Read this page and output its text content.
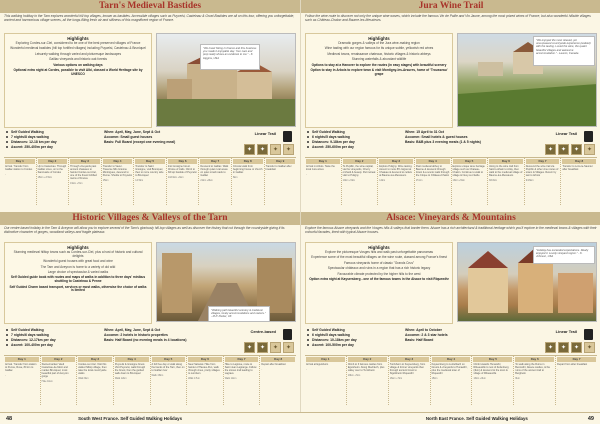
Tarn's Medieval Bastides
This walking holiday in the Tarn explores wonderful hill top villages, known as bastides. Accessible villages such as Puycelsi, Castelnau & Gruel-Bastides are all on this tour, offering you unforgettable, ancient and harmonious village scenes, all the lungs-filling fresh air and stillness of this magnificent region of France.
Highlights

Exploring Cordes-sur-Ciel, considered to be one of the best preserved villages of France

Wonderful medieval bastides (hill top fortified villages) including Puycelsi, Castelnau & Bruniquel

Leisurely walking through varied and picturesque landscapes

Gaillac vineyards and historic oak forests

Various options on walking days

Optional extra night at Cordes, possible to visit Albi, classed a World Heritage site by UNESCO

"We loved hiking in France and this business you made it enjoyable day. Your care and prep really shows an evidence to me." - K. Higgins, USA
Self Guided Walking
7 nights/8 days walking
Distances: 12-18 km per day
Ascent: 250-400m per day
When: April, May, June, Sept & Oct
Accomm: Small guest houses
Basis: Full Board (except one evening meal)
Linear Trail
✦	✦	✦	✦
Day 1
Arrival. Transfer from Gaillac station to Cordes
-
Day 2
Up to Castelnau. Through Gaillac vines, on to the Sanctuaire of Cordes
15km +3.5km
Day 3
Through vineyards past ancient chateaux to hamlet Cordes-sur-Ciel, one of the finest fortified towns of France
19km +7km
Day 4
Transfer to Vaour. Traverse hills Grésine Montrigues, descend to Penne. Shuttle to Puycelsi
15km
Day 5
Transfer to Saint Grésigne, visit Bruniquel, then to more country side to Bruniquel
14.5km
Day 6
Into Grésigne forest. Choice of trails. Climb to hill top bastide of Puycelsi
14/19km +3km
Day 7
Descend to Gaillac. Walk through quiet rural areas on quiet small roads to Gaillac
21km +8km
Day 8
Circular walk from beginning house or church in Gaillac
8km
Day 9
Transfer to Gaillac after breakfast
-
Historic Villages & Valleys of the Tarn
Our centre based holiday in the Tarn & Aveyron will allow you to explore several of the Tarn's gloriously hill-top villages as well as discover the history that cut through the countryside giving it its distinctive character of gorges, woodland valleys and fragile plateaux.
Highlights

Stunning medieval hilltop towns such as Cordes-sur-Ciel, plus a host of historic and cultural delights

Wonderful guest houses with great food and wine

The Tarn and Aveyron is home to a variety of old wild

Large choice of spectacular & varied walks

Self Guided guide book with routes and maps of walks in addition to three days' minibus shuttling to Castelnau & Penne

Self Guided Charm based transport, services or most walks, otherwise the choice of walks is limited

"Walking path beautiful scenery & medieval villages, lovely accommodations and owners." - M.P. Parker, UK
Self Guided Walking
7 nights/6 days walking
Distances: 12-17km per day
Ascent: 100-400m per day
When: April, May, June, Sept & Oct
Accomm: 2 hotels in historic properties
Basis: Half Board (no evening meals in 4 locations)
Centre-based
✦	✦	✦	✦
Day 1
Arrival. Transfer from station to Penne, Ruse, 80 km to Gaillac
-
Day 2
Steinermarken Vault Castelnau-de-Mont and market Bruniquel, most beautiful part of Aveyron gorge
Hike 11km
Day 3
Cordes-sur-Ciel. Visit this walled hilltop village, then take the local countryside walks
Walk 9km
Day 4
Puycelsi & Grésigne forest. Visit Puycelsi, walk through the forest, then the guided walk down to Bruniquel
Walk 12km
Day 5
A full free day or walk along the banks of the Tarn, then on to Gaillac river
Walk 15km
Day 6
Near Salvetat. Hike from hamlet of Hautes-Pen, walk through vines, pretty villages to Lombers
Walk 17km
Day 7
Hike to Lagrave, route to Saint Jean Lagrange. Follow the stones trail leading to Lagrave
Walk 11km
Day 8
Depart after breakfast
-
Jura Wine Trail
Follow the wine route to discover not only the unique wine waves, which include the famous Vin de Paille and Vin Jaune, among the most prized wines of France, but also wonderful hillside villages such as Château-Chalon and Baume-les-Messieurs.
Highlights

Dramatic gorges & valleys of the Jura wine-making region

Wine tasting with our region famous for its unique subtle, yellowish red wines

Medieval towns, renaissance chateaux, historic villages & historic abbeys

Stunning waterfalls & abundant wildlife

Options to stay at a Hanover to explore the routes (in easy stages) with beautiful scenery

Option to stay in Arbois to explore town & visit Montigny-les-Arsures, home of 'Trousseau' grape

"We enjoyed the most relaxed, yet unsurpassed countryside experience (walked) with the tasting. Loved the wine, the quaint beautiful villages and awesome accommodation." - Lauren, Canada
Self Guided Walking
6 nights/5 days walking
Distances: 9-18km per day
Ascent: 250-600m per day
When: 15 April to 31 Oct
Accomm: Small hotels & guest houses
Basis: B&B plus 3 evening meals (1 & 5 nights)
Linear Trail
✦	✦	✦	✦
Day 1
Arrival in Arbois. Taste the local Jura wines
-
Day 2
To Pupillin, the wine capital, via the vineyards, Cherry orchard & beauty. Part retreat visit to Poligny
10km +5km
Day 3
Explore Poligny. Wine tasting. Ascent to more 8% Gigout at Chateau & descend to cellars at Baume-les-Messieurs
14km
Day 4
Past medieval abbey to Baume & descend through forest & a scenic walk through the Cirque to Château-Chalon
15 km
Day 5
Explore unique wine heritage village such as Chateau-Chalon. Continue to walk to village & Nevy-sur-Seille
13km +5km
Day 6
Along to the wine trail from Saint-Lothain to Arlay, then walk to the medieval village of Baume-les-Messieurs
8/16km
Day 7
Descend the wine trail via Pupillin & other vine routes of towns & Villages. Return by taxi to Arbois
9/16km
Day 8
Transfer to Lons-le-Saunier after breakfast
-
Alsace: Vineyards & Mountains
Explore the famous Alsace vineyards and the Vosges hills & valleys that border them. Alsace has a rich architectural & traditional heritage which you'll explore in the medieval towns & villages with their colourful facades, lined with typical Alsace houses.
Highlights

Explore the picturesque Vosges hills and walk past unforgettable panoramas

Experience some of the most beautiful villages on the wine route, classed among France's finest

Famous vineyards home of classic "Grands Crus"

Spectacular châteaux and ruins in a region that has a rich historic legacy

Favourable climate protected by the higher hills to the west

Option extra night at Kaysersberg - one of the famous towns in the Alsace to visit Riquewihr

"Holiday has exceeded expectations. Really enjoyed it. Lovely vineyard region." - K. Johnson, USA
Self Guided Walking
6 nights/5 days walking
Distances: 10-18km per day
Ascent: 100-500m per day
When: April to October
Accomm: 2 & 3 star hotels
Basis: Half Board
Linear Trail
✦	✦	✦	✦
Day 1
Arrival at Eguisheim
-
Day 2
Climb to 3 famous castles from Eguisheim. Along Diedrlech, plus valley over to Turckheim
18km +7km
Day 3
Turckheim to Kaysersberg, from village & former vineyards then through ancient forest to Sigolsheim Riquewihr
16km +7km
Day 4
Kaysersberg to Lutzelbach on forests & vineyards to Hunawihr, plus the medieval town of Riquewihr
15km
Day 5
Climb towards Hunawihr, Ribeauvillé to rest of Zellenberg (4km) & descend to the town & village of Ribeauvillé
13km +6km
Day 6
To walk along the Ruins in Bennwihr, Alsace castles, & the ruins of the ancient trail to Bergheim
9km
Day 7
Depart from after breakfast
-
48	South West France. Self Guided Walking Holidays	North East France. Self Guided Walking Holidays	49
